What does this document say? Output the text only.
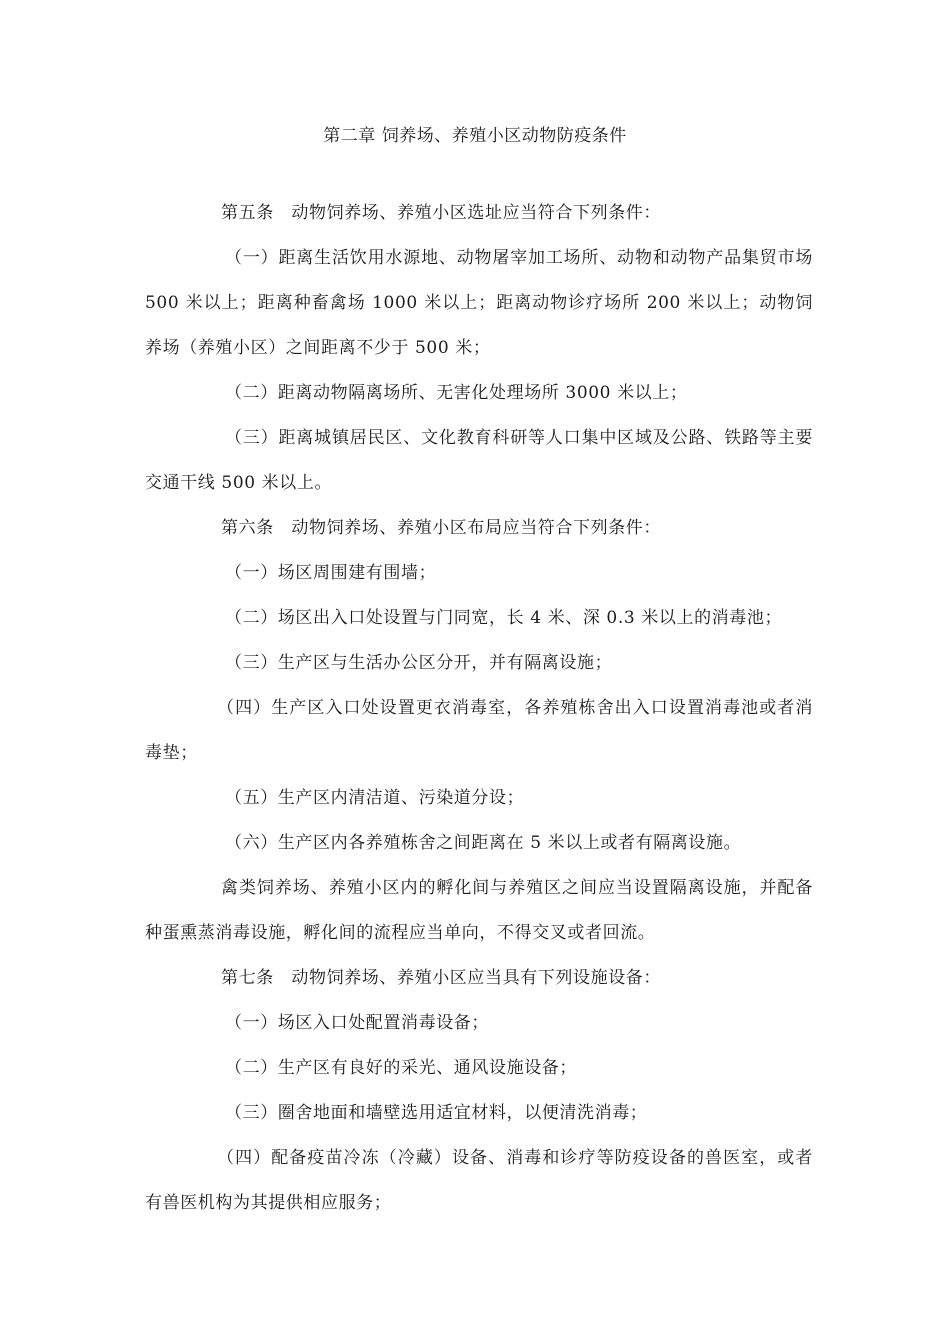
第二章 饲养场、养殖小区动物防疫条件

第五条　动物饲养场、养殖小区选址应当符合下列条件：

（一）距离生活饮用水源地、动物屠宰加工场所、动物和动物产品集贸市场 500 米以上；距离种畜禽场 1000 米以上；距离动物诊疗场所 200 米以上；动物饲养场（养殖小区）之间距离不少于 500 米；

（二）距离动物隔离场所、无害化处理场所 3000 米以上；

（三）距离城镇居民区、文化教育科研等人口集中区域及公路、铁路等主要交通干线 500 米以上。

第六条　动物饲养场、养殖小区布局应当符合下列条件：

（一）场区周围建有围墙；

（二）场区出入口处设置与门同宽，长 4 米、深 0.3 米以上的消毒池；

（三）生产区与生活办公区分开，并有隔离设施；

（四）生产区入口处设置更衣消毒室，各养殖栋舍出入口设置消毒池或者消毒垫；

（五）生产区内清洁道、污染道分设；

（六）生产区内各养殖栋舍之间距离在 5 米以上或者有隔离设施。

禽类饲养场、养殖小区内的孵化间与养殖区之间应当设置隔离设施，并配备种蛋熏蒸消毒设施，孵化间的流程应当单向，不得交叉或者回流。

第七条　动物饲养场、养殖小区应当具有下列设施设备：

（一）场区入口处配置消毒设备；

（二）生产区有良好的采光、通风设施设备；

（三）圈舍地面和墙壁选用适宜材料，以便清洗消毒；

（四）配备疫苗冷冻（冷藏）设备、消毒和诊疗等防疫设备的兽医室，或者有兽医机构为其提供相应服务；
